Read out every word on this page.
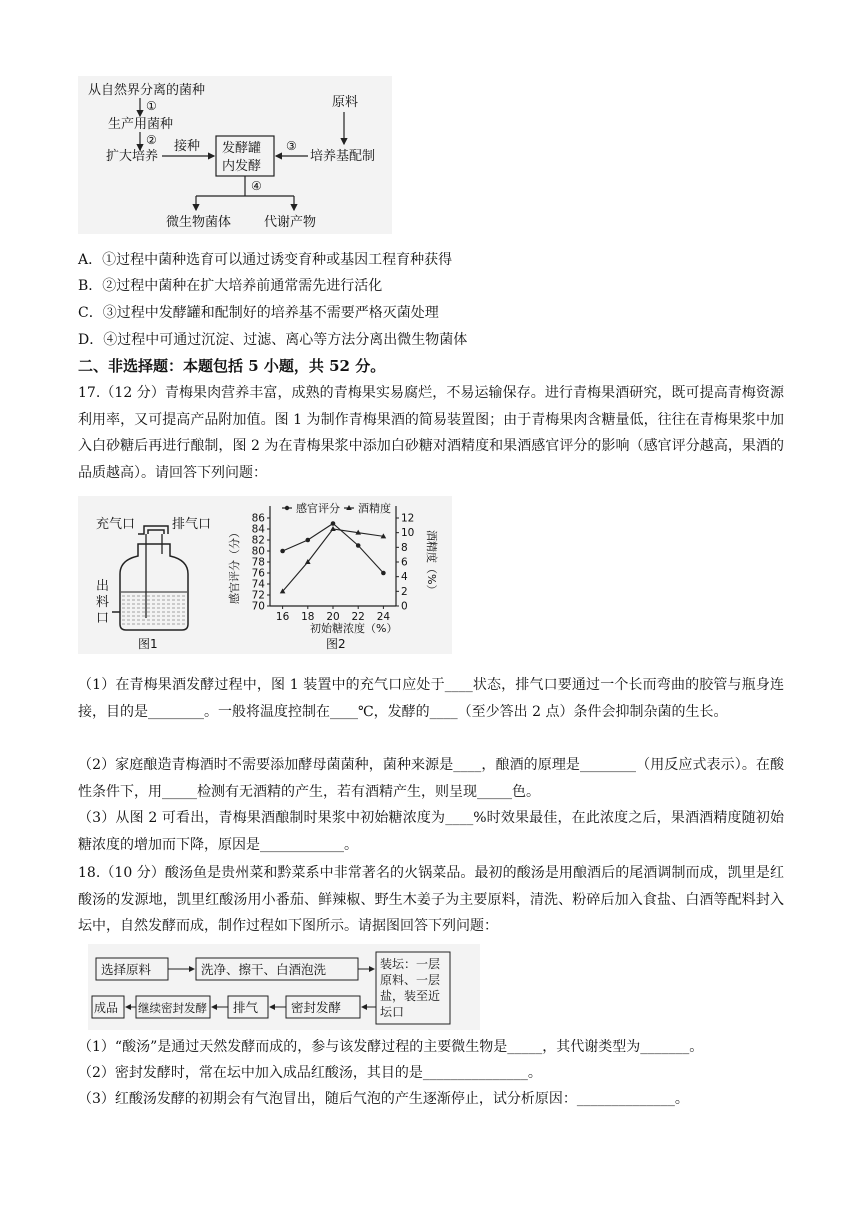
从自然界分离的菌种
①
生产用菌种
②
扩大培养
接种 发酵罐
内发酵
原料
培养基配制
③
④
微生物菌体	代谢产物
A．①过程中菌种选育可以通过诱变育种或基因工程育种获得
B．②过程中菌种在扩大培养前通常需先进行活化
C．③过程中发酵罐和配制好的培养基不需要严格灭菌处理
D．④过程中可通过沉淀、过滤、离心等方法分离出微生物菌体
二、非选择题：本题包括 5 小题，共 52 分。
17.（12 分）青梅果肉营养丰富，成熟的青梅果实易腐烂，不易运输保存。进行青梅果酒研究，既可提高青梅资源利用率，又可提高产品附加值。图 1 为制作青梅果酒的简易装置图；由于青梅果肉含糖量低，往往在青梅果浆中加入白砂糖后再进行酿制，图 2 为在青梅果浆中添加白砂糖对酒精度和果酒感官评分的影响（感官评分越高，果酒的品质越高）。请回答下列问题：
充气口	排气口
出
料
口
图1
感官评分 酒精度
感官评分（分）	酒精度（%）
初始糖浓度（%）
图2
70
72
74
76
78
80
82
84
86
0
2
4
6
8
10
12
16 18 20 22 24
（1）在青梅果酒发酵过程中，图 1 装置中的充气口应处于____状态，排气口要通过一个长而弯曲的胶管与瓶身连接，目的是________。一般将温度控制在____℃，发酵的____（至少答出 2 点）条件会抑制杂菌的生长。
（2）家庭酿造青梅酒时不需要添加酵母菌菌种，菌种来源是____，酿酒的原理是________（用反应式表示）。在酸性条件下，用_____检测有无酒精的产生，若有酒精产生，则呈现_____色。
（3）从图 2 可看出，青梅果酒酿制时果浆中初始糖浓度为____%时效果最佳，在此浓度之后，果酒酒精度随初始糖浓度的增加而下降，原因是____________。
18.（10 分）酸汤鱼是贵州菜和黔菜系中非常著名的火锅菜品。最初的酸汤是用酿酒后的尾酒调制而成，凯里是红酸汤的发源地，凯里红酸汤用小番茄、鲜辣椒、野生木姜子为主要原料，清洗、粉碎后加入食盐、白酒等配料封入坛中，自然发酵而成，制作过程如下图所示。请据图回答下列问题：
选择原料	洗净、擦干、白酒泡洗	装坛：一层
原料、一层
盐，装至近
坛口
密封发酵
排气
继续密封发酵
成品
（1）“酸汤”是通过天然发酵而成的，参与该发酵过程的主要微生物是_____，其代谢类型为_______。
（2）密封发酵时，常在坛中加入成品红酸汤，其目的是_______________。
（3）红酸汤发酵的初期会有气泡冒出，随后气泡的产生逐渐停止，试分析原因：______________。
